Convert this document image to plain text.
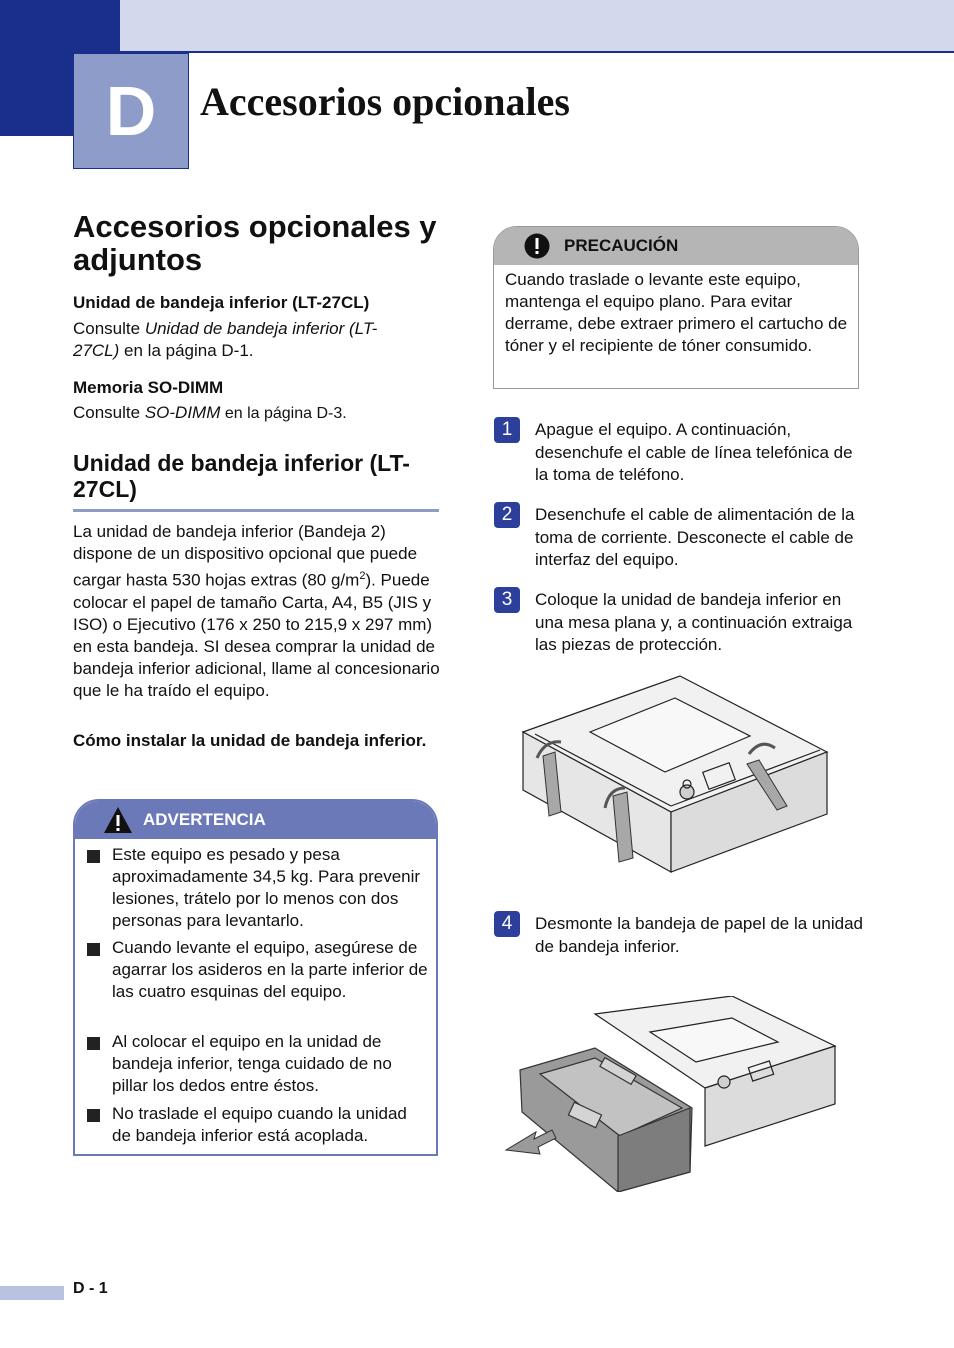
D Accesorios opcionales
Accesorios opcionales y adjuntos
Unidad de bandeja inferior (LT-27CL)
Consulte Unidad de bandeja inferior (LT-27CL) en la página D-1.
Memoria SO-DIMM
Consulte SO-DIMM en la página D-3.
Unidad de bandeja inferior (LT-27CL)
La unidad de bandeja inferior (Bandeja 2) dispone de un dispositivo opcional que puede cargar hasta 530 hojas extras (80 $g/m^2$). Puede colocar el papel de tamaño Carta, A4, B5 (JIS y ISO) o Ejecutivo (176 x 250 to 215,9 x 297 mm) en esta bandeja. SI desea comprar la unidad de bandeja inferior adicional, llame al concesionario que le ha traído el equipo.
Cómo instalar la unidad de bandeja inferior.
ADVERTENCIA
Este equipo es pesado y pesa aproximadamente 34,5 kg. Para prevenir lesiones, trátelo por lo menos con dos personas para levantarlo.
Cuando levante el equipo, asegúrese de agarrar los asideros en la parte inferior de las cuatro esquinas del equipo.
Al colocar el equipo en la unidad de bandeja inferior, tenga cuidado de no pillar los dedos entre éstos.
No traslade el equipo cuando la unidad de bandeja inferior está acoplada.
PRECAUCIÓN
Cuando traslade o levante este equipo, mantenga el equipo plano. Para evitar derrame, debe extraer primero el cartucho de tóner y el recipiente de tóner consumido.
1	Apague el equipo. A continuación, desenchufe el cable de línea telefónica de la toma de teléfono.
2	Desenchufe el cable de alimentación de la toma de corriente. Desconecte el cable de interfaz del equipo.
3	Coloque la unidad de bandeja inferior en una mesa plana y, a continuación extraiga las piezas de protección.
4	Desmonte la bandeja de papel de la unidad de bandeja inferior.
D - 1
